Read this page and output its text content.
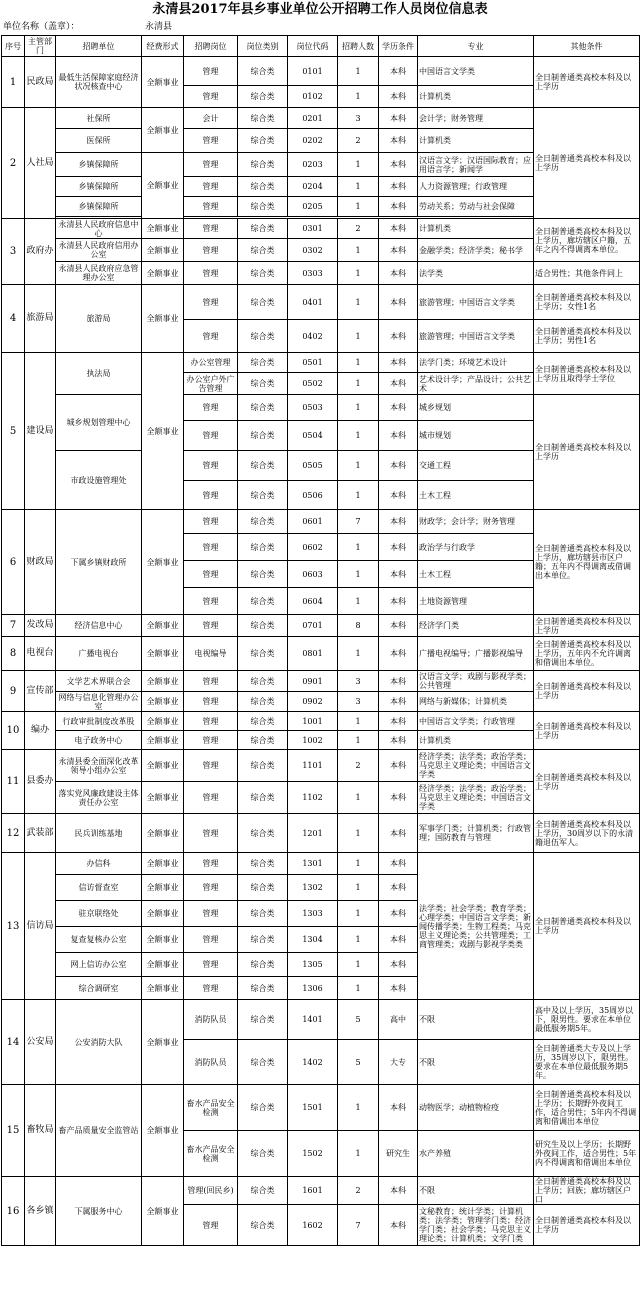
永清县2017年县乡事业单位公开招聘工作人员岗位信息表
单位名称（盖章）：	永清县
序号	主管部门	招聘单位	经费形式	招聘岗位	岗位类别	岗位代码	招聘人数	学历条件	专业	其他条件
1	民政局	最低生活保障家庭经济状况核查中心	全额事业	管理	综合类	0101	1	本科	中国语言文学类	全日制普通类高校本科及以上学历
				管理	综合类	0102	1	本科	计算机类	
2	人社局	社保所	全额事业	会计	综合类	0201	3	本科	会计学；财务管理	全日制普通类高校本科及以上学历
		医保所		管理	综合类	0202	2	本科	计算机类	
		乡镇保障所	全额事业	管理	综合类	0203	1	本科	汉语言文学；汉语国际教育；应用语言学；新闻学	
		乡镇保障所		管理	综合类	0204	1	本科	人力资源管理；行政管理	
		乡镇保障所		管理	综合类	0205	1	本科	劳动关系；劳动与社会保障	

3	政府办	永清县人民政府信息中心	全额事业	管理	综合类	0301	2	本科	计算机类	全日制普通类高校本科及以上学历，廊坊辖区户籍，五年之内不得调离本单位。
		永清县人民政府信用办公室	全额事业	管理	综合类	0302	1	本科	金融学类；经济学类；秘书学	
		永清县人民政府应急管理办公室	全额事业	管理	综合类	0303	1	本科	法学类	适合男性；其他条件同上
4	旅游局	旅游局	全额事业	管理	综合类	0401	1	本科	旅游管理；中国语言文学类	全日制普通类高校本科及以上学历；女性1名
				管理	综合类	0402	1	本科	旅游管理；中国语言文学类	全日制普通类高校本科及以上学历；男性1名
5	建设局	执法局	全额事业	办公室管理	综合类	0501	1	本科	法学门类；环境艺术设计	全日制普通类高校本科及以上学历且取得学士学位
				办公室户外广告管理	综合类	0502	1	本科	艺术设计学；产品设计；公共艺术	
		城乡规划管理中心		管理	综合类	0503	1	本科	城乡规划	全日制普通类高校本科及以上学历
				管理	综合类	0504	1	本科	城市规划	
		市政设施管理处		管理	综合类	0505	1	本科	交通工程	
				管理	综合类	0506	1	本科	土木工程	
6	财政局	下属乡镇财政所	全额事业	管理	综合类	0601	7	本科	财政学；会计学；财务管理	全日制普通类高校本科及以上学历，廊坊辖县市区户籍；五年内不得调离或借调出本单位。
				管理	综合类	0602	1	本科	政治学与行政学	
				管理	综合类	0603	1	本科	土木工程	
				管理	综合类	0604	1	本科	土地资源管理	
7	发改局	经济信息中心	全额事业	管理	综合类	0701	8	本科	经济学门类	全日制普通类高校本科及以上学历
8	电视台	广播电视台	全额事业	电视编导	综合类	0801	1	本科	广播电视编导；广播影视编导	全日制普通类高校本科及以上学历，五年内不允许调离和借调出本单位。
9	宣传部	文学艺术界联合会	全额事业	管理	综合类	0901	3	本科	汉语言文学；戏剧与影视学类；公共管理	全日制普通类高校本科及以上学历
		网络与信息化管理办公室	全额事业	管理	综合类	0902	3	本科	网络与新媒体；计算机类	
10	编办	行政审批制度改革股	全额事业	管理	综合类	1001	1	本科	中国语言文学类；行政管理	全日制普通类高校本科及以上学历
		电子政务中心	全额事业	管理	综合类	1002	1	本科	计算机类	
11	县委办	永清县委全面深化改革领导小组办公室	全额事业	管理	综合类	1101	2	本科	经济学类；法学类；政治学类；马克思主义理论类；中国语言文学类	全日制普通类高校本科及以上学历
		落实党风廉政建设主体责任办公室	全额事业	管理	综合类	1102	1	本科	经济学类；法学类；政治学类；马克思主义理论类；中国语言文学类	
12	武装部	民兵训练基地	全额事业	管理	综合类	1201	1	本科	军事学门类；计算机类；行政管理；国防教育与管理	全日制普通类高校本科及以上学历，30周岁以下的永清籍退伍军人。
13	信访局	办信科	全额事业	管理	综合类	1301	1	本科	法学类；社会学类；教育学类；心理学类；中国语言文学类；新闻传播学类；生物工程类；马克思主义理论类；公共管理类；工商管理类；戏剧与影视学类类	全日制普通类高校本科及以上学历
		信访督查室	全额事业	管理	综合类	1302	1	本科		
		驻京联络处	全额事业	管理	综合类	1303	1	本科		
		复查复核办公室	全额事业	管理	综合类	1304	1	本科		
		网上信访办公室	全额事业	管理	综合类	1305	1	本科		
		综合调研室	全额事业	管理	综合类	1306	1	本科		
14	公安局	公安消防大队	全额事业	消防队员	综合类	1401	5	高中	不限	高中及以上学历，35周岁以下，限男性。要求在本单位最低服务期5年。
				消防队员	综合类	1402	5	大专	不限	全日制普通类大专及以上学历，35周岁以下，限男性。要求在本单位最低服务期5年。
15	畜牧局	畜产品质量安全监管站	全额事业	畜水产品安全检测	综合类	1501	1	本科	动物医学；动植物检疫	全日制普通类高校本科及以上学历；长期野外夜间工作，适合男性；5年内不得调离和借调出本单位
				畜水产品安全检测	综合类	1502	1	研究生	水产养殖	研究生及以上学历；长期野外夜间工作，适合男性；5年内不得调离和借调出本单位
16	各乡镇	下属服务中心	全额事业	管理(回民乡)	综合类	1601	2	本科	不限	全日制普通类高校本科及以上学历；回族；廊坊辖区户口
				管理	综合类	1602	7	本科	文秘教育；统计学类；计算机类；法学类；管理学门类；经济学门类；社会学类；马克思主义理论类；计算机类；文学门类	全日制普通类高校本科及以上学历
